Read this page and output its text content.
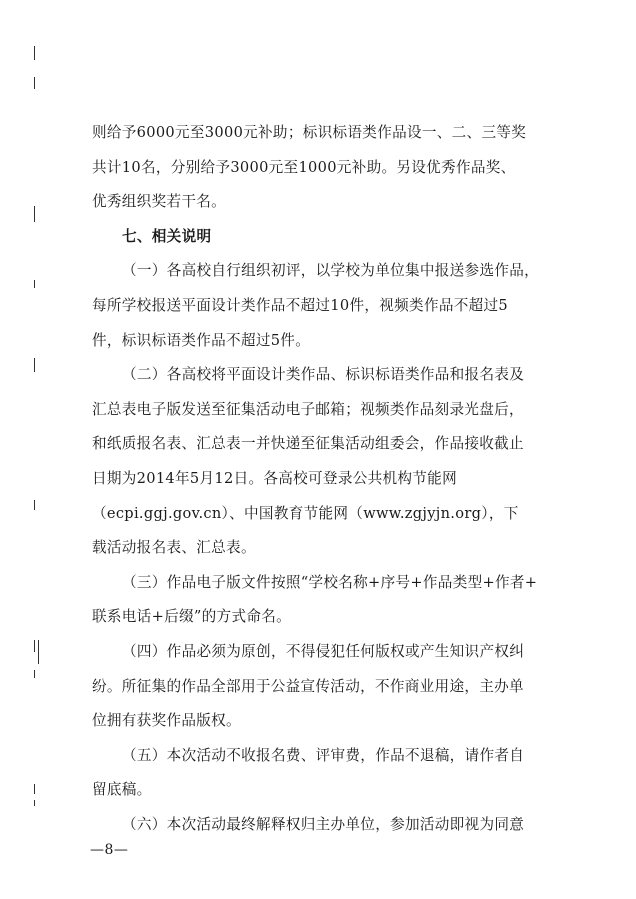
则给予6000元至3000元补助；标识标语类作品设一、二、三等奖
共计10名，分别给予3000元至1000元补助。另设优秀作品奖、
优秀组织奖若干名。
七、相关说明
（一）各高校自行组织初评，以学校为单位集中报送参选作品，
每所学校报送平面设计类作品不超过10件，视频类作品不超过5
件，标识标语类作品不超过5件。
（二）各高校将平面设计类作品、标识标语类作品和报名表及
汇总表电子版发送至征集活动电子邮箱；视频类作品刻录光盘后，
和纸质报名表、汇总表一并快递至征集活动组委会，作品接收截止
日期为2014年5月12日。各高校可登录公共机构节能网
（ecpi.ggj.gov.cn）、中国教育节能网（www.zgjyjn.org），下
载活动报名表、汇总表。
（三）作品电子版文件按照“学校名称+序号+作品类型+作者+
联系电话+后缀”的方式命名。
（四）作品必须为原创，不得侵犯任何版权或产生知识产权纠
纷。所征集的作品全部用于公益宣传活动，不作商业用途，主办单
位拥有获奖作品版权。
（五）本次活动不收报名费、评审费，作品不退稿，请作者自
留底稿。
（六）本次活动最终解释权归主办单位，参加活动即视为同意
—8—
